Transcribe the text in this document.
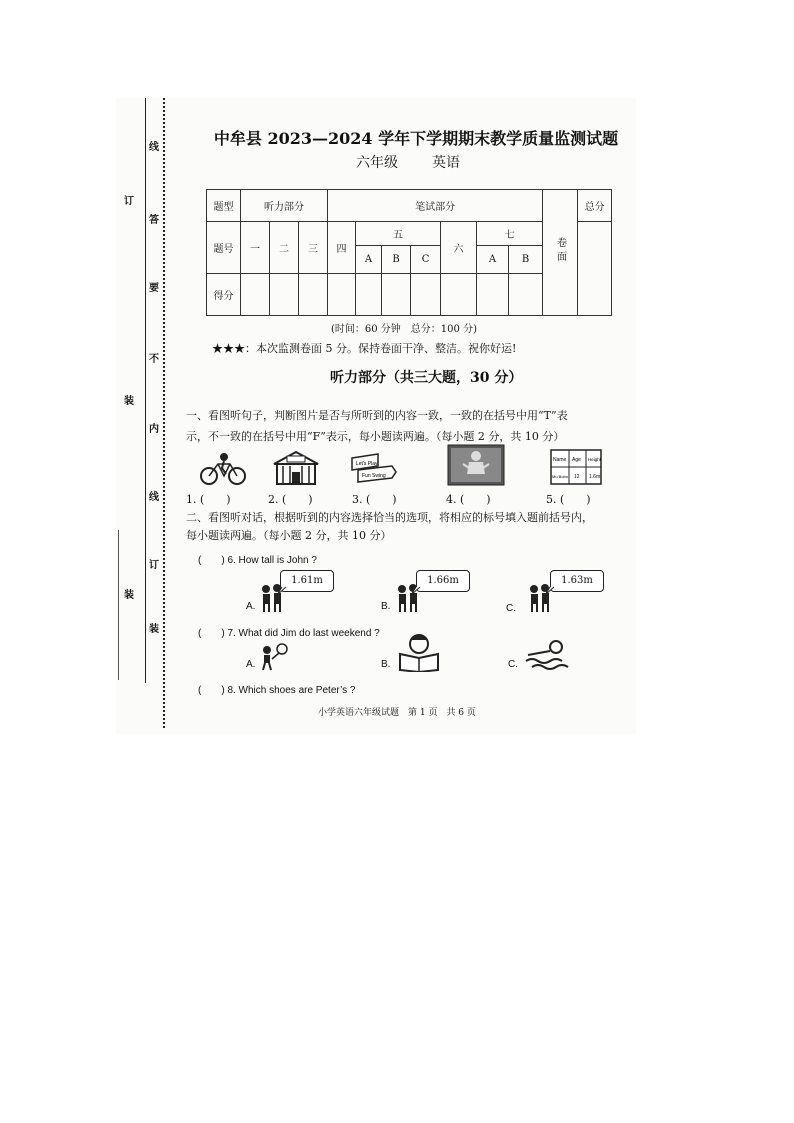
线
答
要
不
内
线
订
装
订
装
装
中牟县 2023—2024 学年下学期期末教学质量监测试题
六年级 英语
题型	听力部分			笔试部分							卷面	总分
题号	一	二	三	四	五			六	七			
					A	B	C		A	B		
得分												
(时间：60 分钟　总分：100 分)
★★★：本次监测卷面 5 分。保持卷面干净、整洁。祝你好运!
听力部分（共三大题，30 分）
一、看图听句子，判断图片是否与所听到的内容一致，一致的在括号中用“T”表
示，不一致的在括号中用“F”表示，每小题读两遍。（每小题 2 分，共 10 分）
Let's Play
Fun Swing
Name Age Height
Mu Bobo 12 1.6m
1. (　　)	2. (　　)	3. (　　)	4. (　　)	5. (　　)
二、看图听对话，根据听到的内容选择恰当的选项，将相应的标号填入题前括号内，
每小题读两遍。（每小题 2 分，共 10 分）
(　　) 6. How tall is John ?
1.61m	1.66m	1.63m
A.	B.	C.
(　　) 7. What did Jim do last weekend ?
A.	B.	C.
(　　) 8. Which shoes are Peter’s ?
小学英语六年级试题　第 1 页　共 6 页
